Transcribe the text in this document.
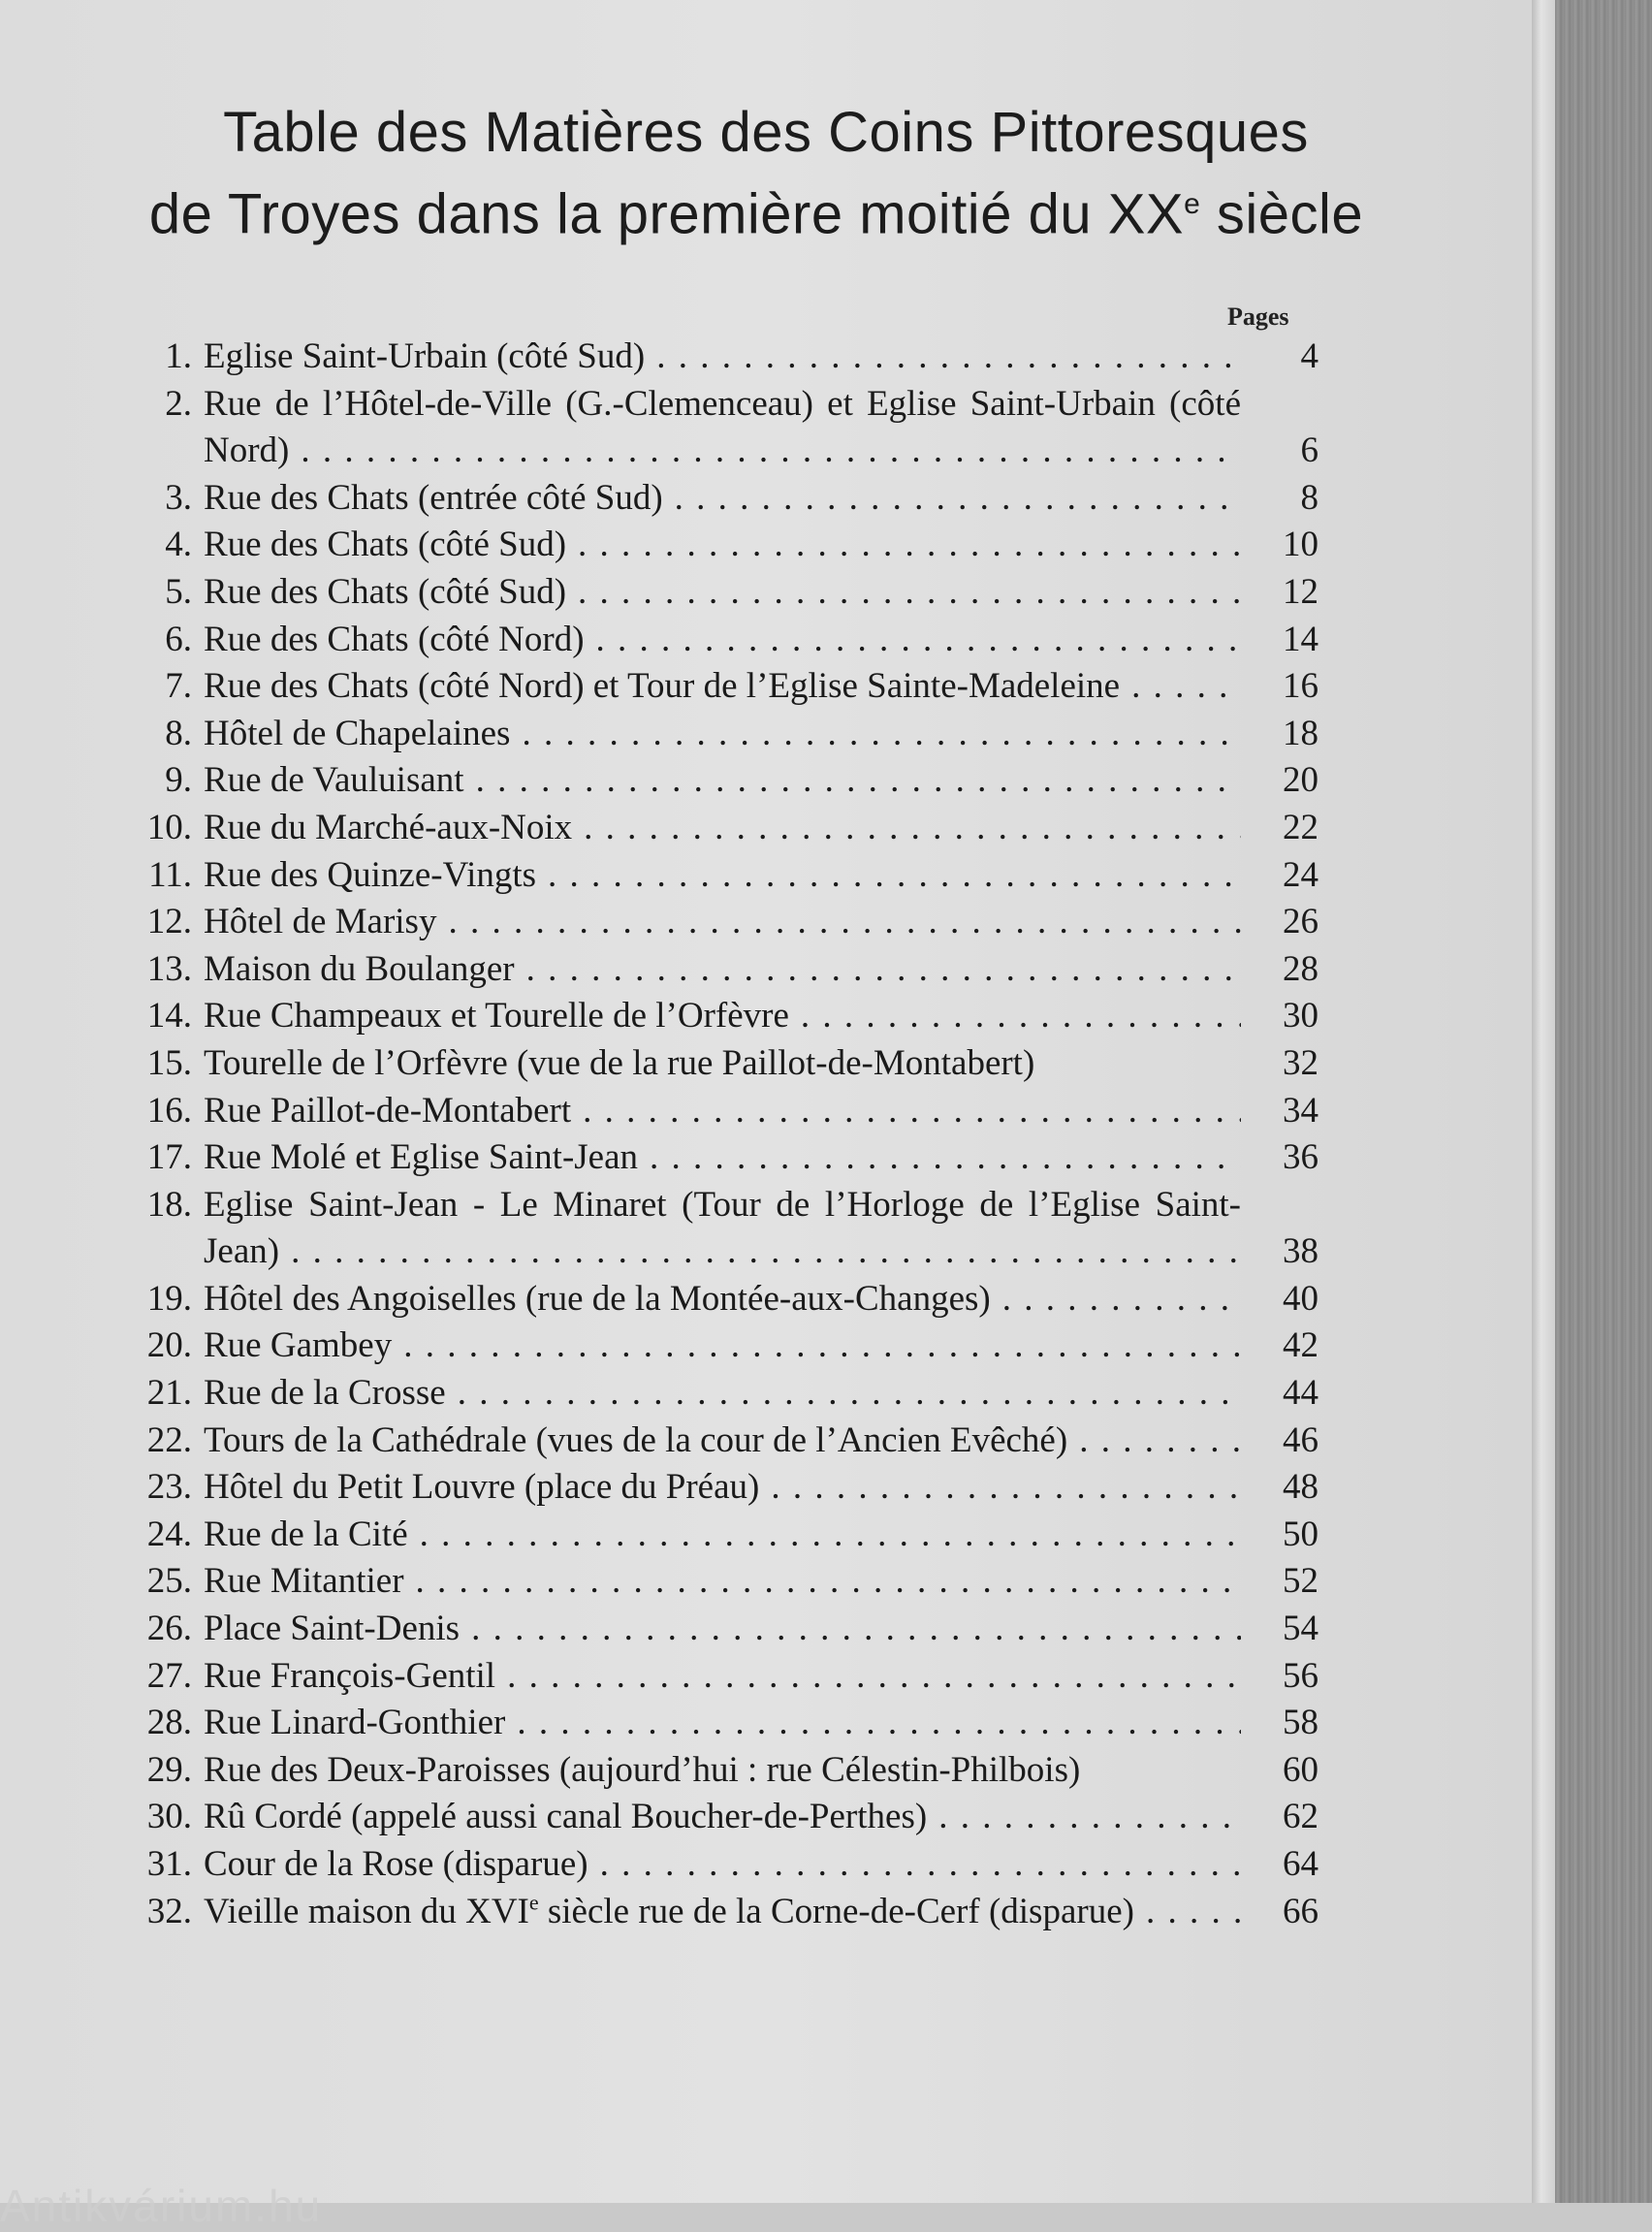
Table des Matières des Coins Pittoresques
de Troyes dans la première moitié du XXe siècle
Pages
1. Eglise Saint-Urbain (côté Sud) . . .	4
2. Rue de l’Hôtel-de-Ville (G.-Clemenceau) et Eglise Saint-Urbain (côté Nord) . . .	6
3. Rue des Chats (entrée côté Sud) . . .	8
4. Rue des Chats (côté Sud) . . .	10
5. Rue des Chats (côté Sud) . . .	12
6. Rue des Chats (côté Nord) . . .	14
7. Rue des Chats (côté Nord) et Tour de l’Eglise Sainte-Madeleine . . .	16
8. Hôtel de Chapelaines . . .	18
9. Rue de Vauluisant . . .	20
10. Rue du Marché-aux-Noix . . .	22
11. Rue des Quinze-Vingts . . .	24
12. Hôtel de Marisy . . .	26
13. Maison du Boulanger . . .	28
14. Rue Champeaux et Tourelle de l’Orfèvre . . .	30
15. Tourelle de l’Orfèvre (vue de la rue Paillot-de-Montabert)	32
16. Rue Paillot-de-Montabert . . .	34
17. Rue Molé et Eglise Saint-Jean . . .	36
18. Eglise Saint-Jean - Le Minaret (Tour de l’Horloge de l’Eglise Saint-Jean) . . .	38
19. Hôtel des Angoiselles (rue de la Montée-aux-Changes) . . .	40
20. Rue Gambey . . .	42
21. Rue de la Crosse . . .	44
22. Tours de la Cathédrale (vues de la cour de l’Ancien Evêché) . . .	46
23. Hôtel du Petit Louvre (place du Préau) . . .	48
24. Rue de la Cité . . .	50
25. Rue Mitantier . . .	52
26. Place Saint-Denis . . .	54
27. Rue François-Gentil . . .	56
28. Rue Linard-Gonthier . . .	58
29. Rue des Deux-Paroisses (aujourd’hui : rue Célestin-Philbois)	60
30. Rû Cordé (appelé aussi canal Boucher-de-Perthes) . . .	62
31. Cour de la Rose (disparue) . . .	64
32. Vieille maison du XVIe siècle rue de la Corne-de-Cerf (disparue) . . .	66
Antikvárium.hu
